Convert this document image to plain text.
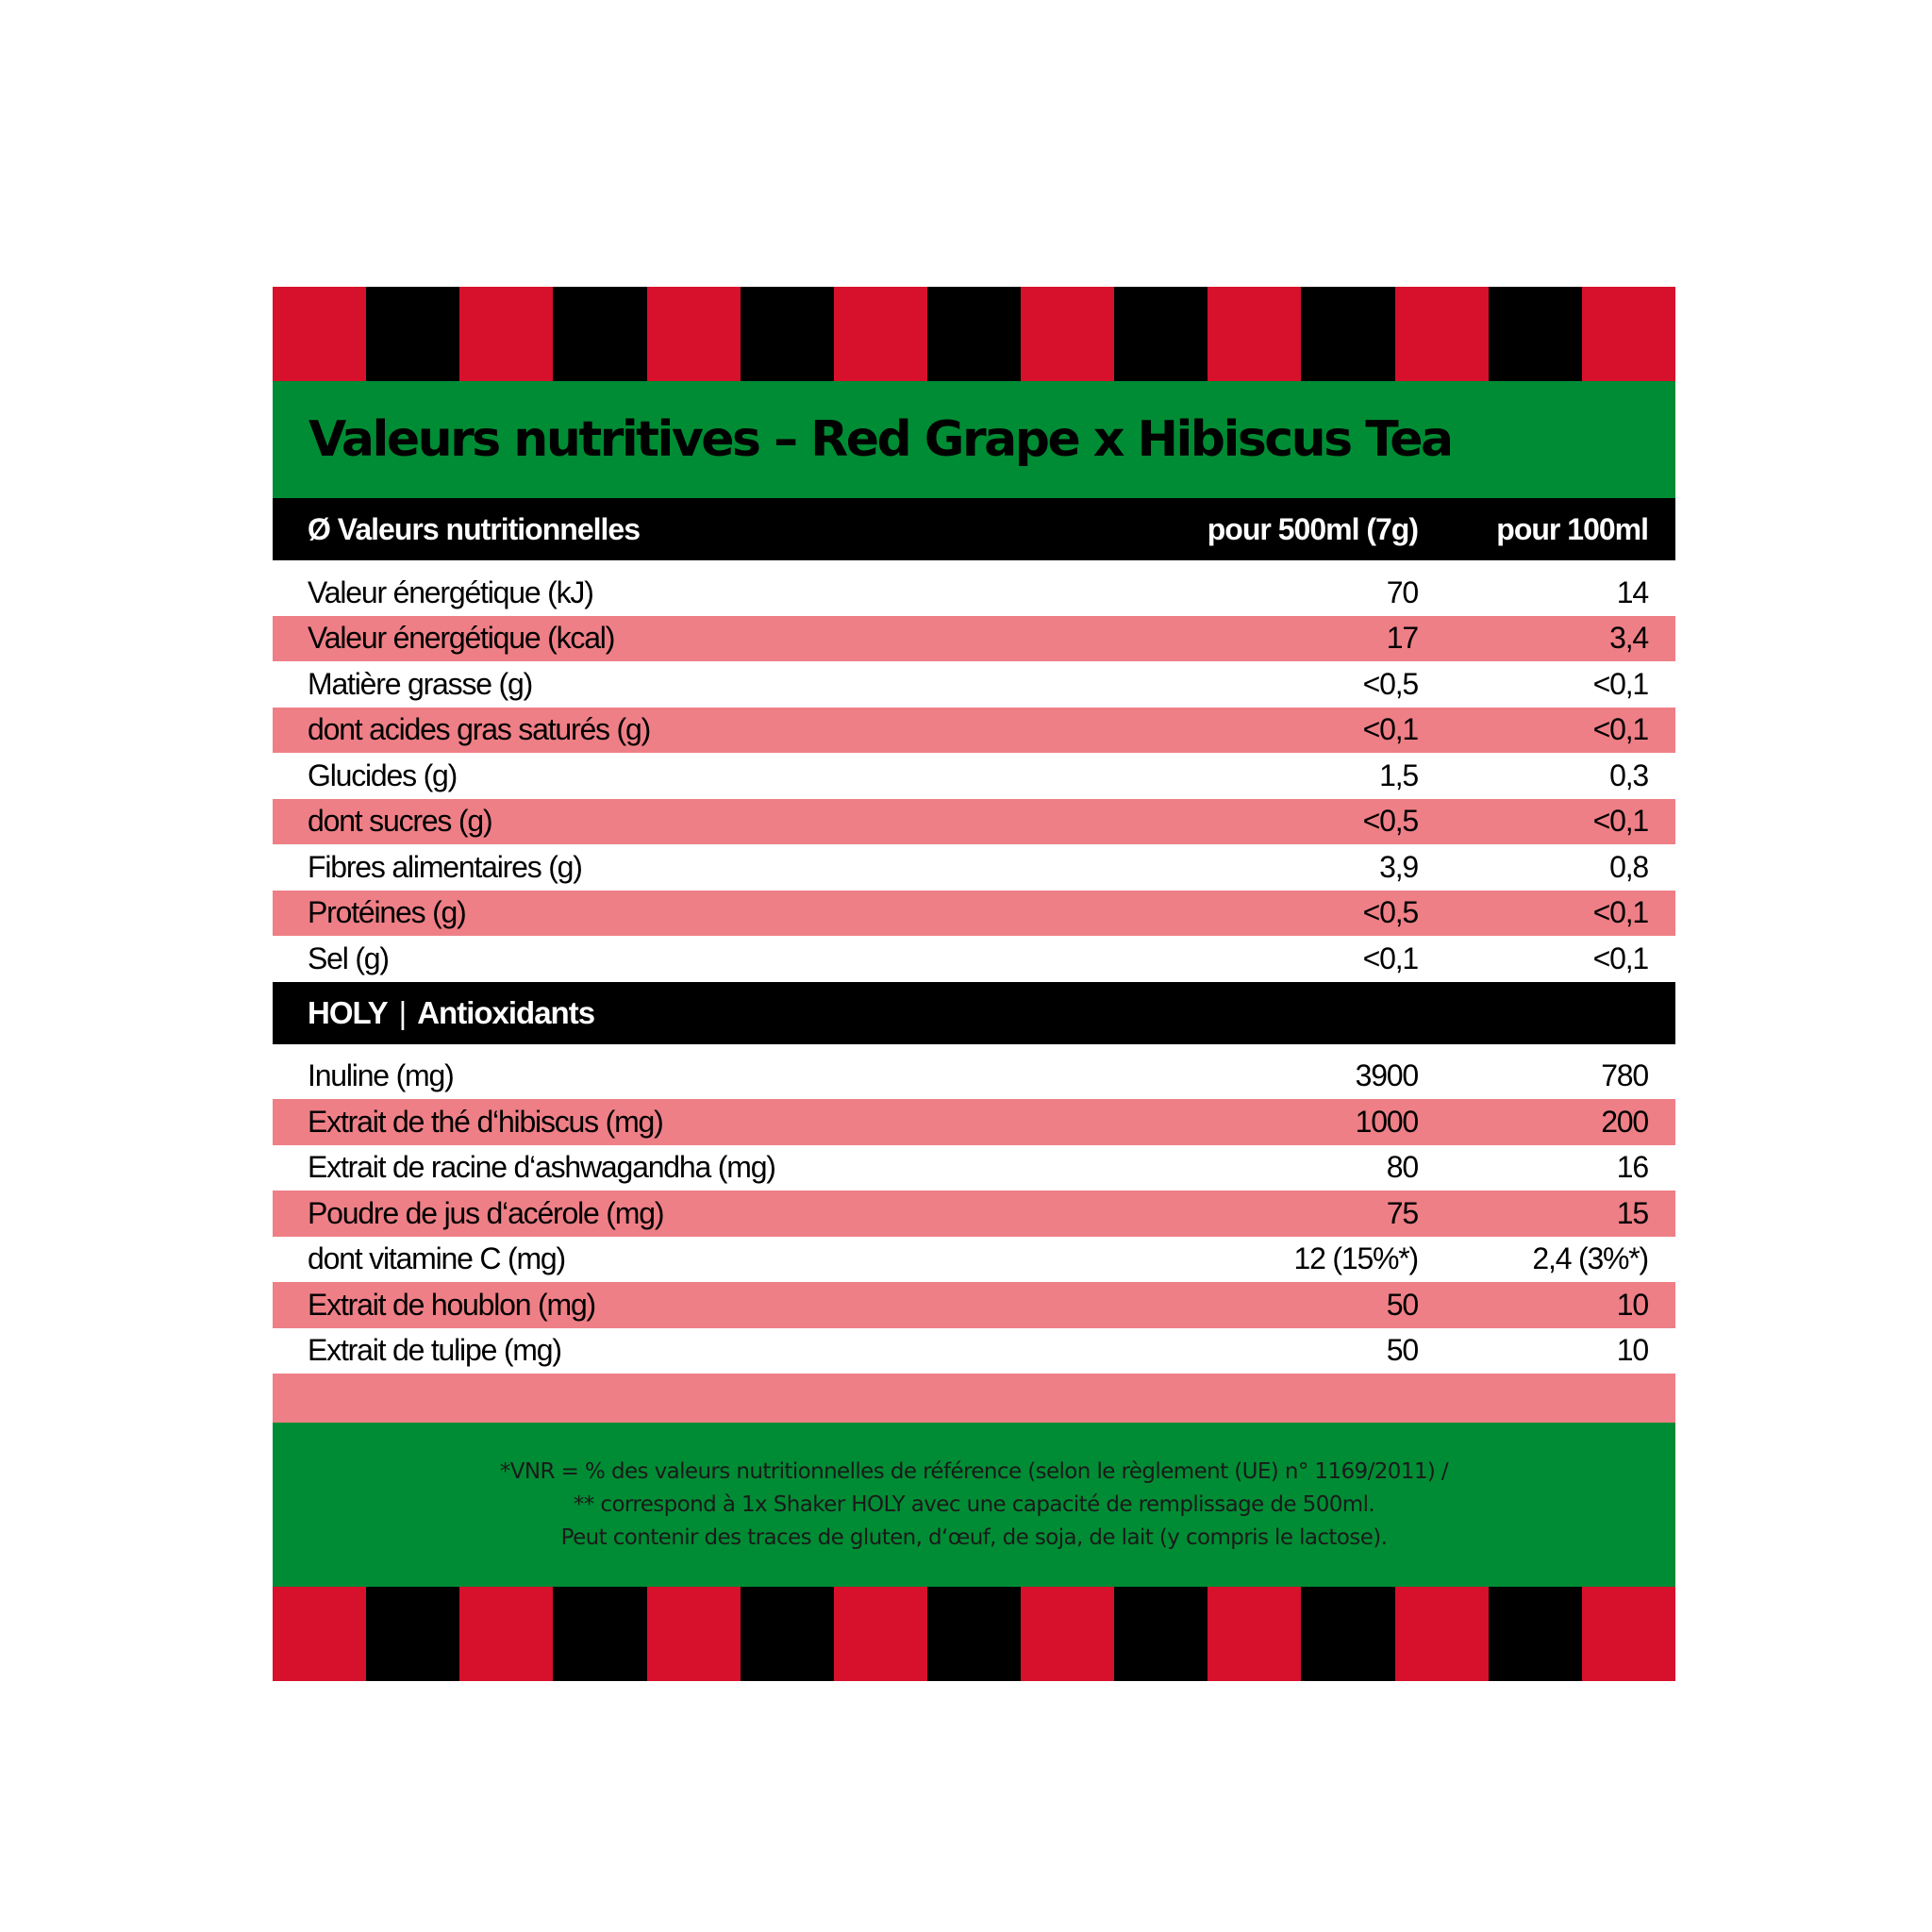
Valeurs nutritives – Red Grape x Hibiscus Tea
Ø Valeurs nutritionnelles	pour 500ml (7g)	pour 100ml
Valeur énergétique (kJ)	70	14
Valeur énergétique (kcal)	17	3,4
Matière grasse (g)	<0,5	<0,1
dont acides gras saturés (g)	<0,1	<0,1
Glucides (g)	1,5	0,3
dont sucres (g)	<0,5	<0,1
Fibres alimentaires (g)	3,9	0,8
Protéines (g)	<0,5	<0,1
Sel (g)	<0,1	<0,1
HOLY | Antioxidants
Inuline (mg)	3900	780
Extrait de thé d‘hibiscus (mg)	1000	200
Extrait de racine d‘ashwagandha (mg)	80	16
Poudre de jus d‘acérole (mg)	75	15
dont vitamine C (mg)	12 (15%*)	2,4 (3%*)
Extrait de houblon (mg)	50	10
Extrait de tulipe (mg)	50	10
*VNR = % des valeurs nutritionnelles de référence (selon le règlement (UE) n° 1169/2011) /
** correspond à 1x Shaker HOLY avec une capacité de remplissage de 500ml.
Peut contenir des traces de gluten, d‘œuf, de soja, de lait (y compris le lactose).
